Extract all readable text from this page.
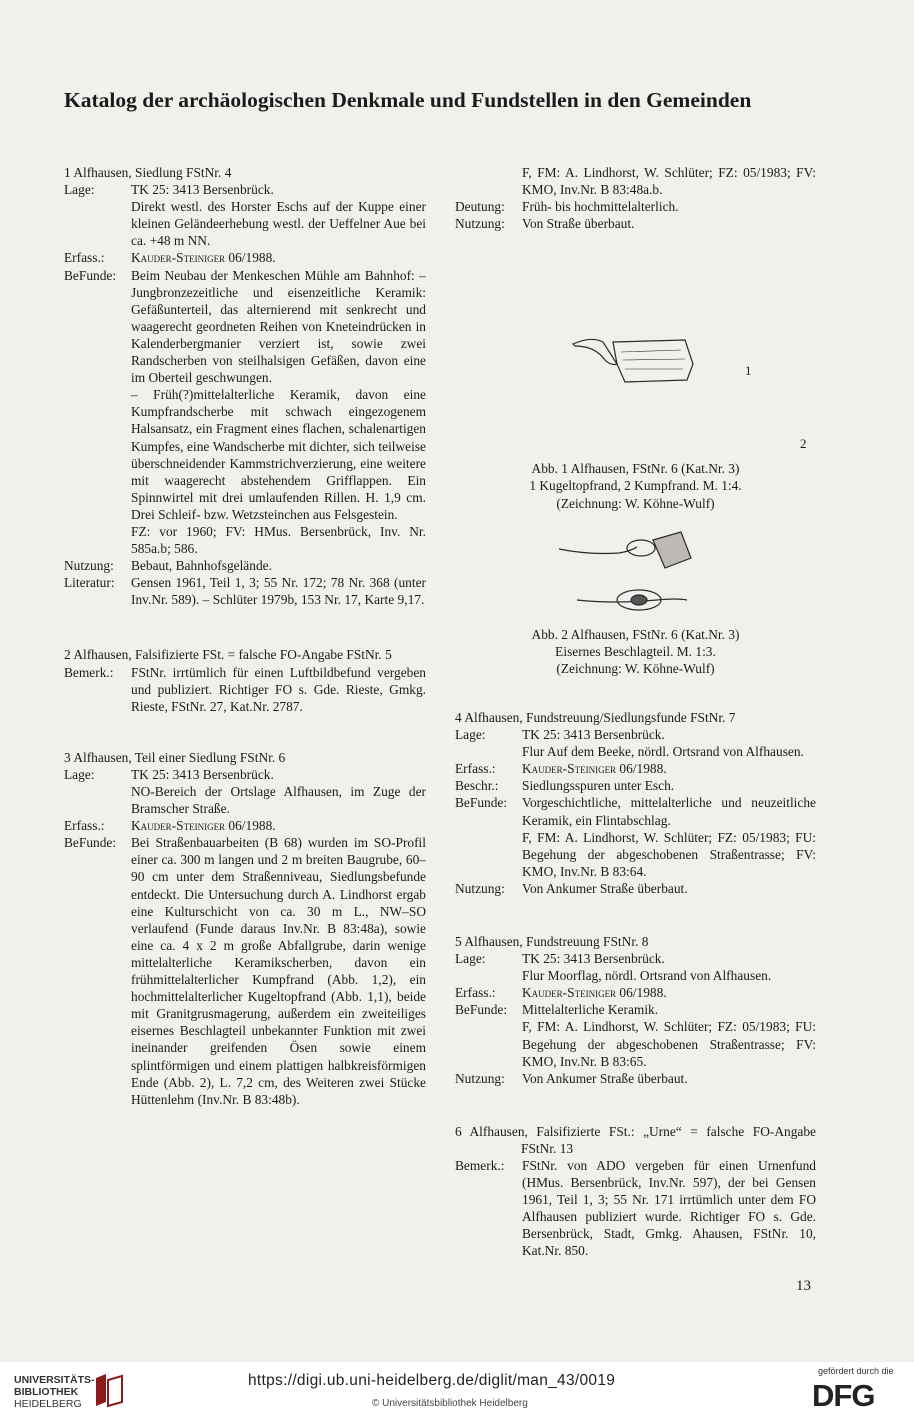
Katalog der archäologischen Denkmale und Fundstellen in den Gemeinden
1 Alfhausen, Siedlung FStNr. 4
Lage:	TK 25: 3413 Bersenbrück.
Direkt westl. des Horster Eschs auf der Kuppe einer kleinen Geländeerhebung westl. der Ueffelner Aue bei ca. +48 m NN.
Erfass.:	Kauder-Steiniger 06/1988.
BeFunde:	Beim Neubau der Menkeschen Mühle am Bahnhof: – Jungbronzezeitliche und eisenzeitliche Keramik: Gefäßunterteil, das alternierend mit senkrecht und waagerecht geordneten Reihen von Kneteindrücken in Kalenderbergmanier verziert ist, sowie zwei Randscherben von steilhalsigen Gefäßen, davon eine im Oberteil geschwungen.
– Früh(?)mittelalterliche Keramik, davon eine Kumpfrandscherbe mit schwach eingezogenem Halsansatz, ein Fragment eines flachen, schalenartigen Kumpfes, eine Wandscherbe mit dichter, sich teilweise überschneidender Kammstrichverzierung, eine weitere mit waagerecht abstehendem Grifflappen. Ein Spinnwirtel mit drei umlaufenden Rillen. H. 1,9 cm. Drei Schleif- bzw. Wetzsteinchen aus Felsgestein.
FZ: vor 1960; FV: HMus. Bersenbrück, Inv. Nr. 585a.b; 586.
Nutzung:	Bebaut, Bahnhofsgelände.
Literatur:	Gensen 1961, Teil 1, 3; 55 Nr. 172; 78 Nr. 368 (unter Inv.Nr. 589). – Schlüter 1979b, 153 Nr. 17, Karte 9,17.
2 Alfhausen, Falsifizierte FSt. = falsche FO-Angabe FStNr. 5
Bemerk.:	FStNr. irrtümlich für einen Luftbildbefund vergeben und publiziert. Richtiger FO s. Gde. Rieste, Gmkg. Rieste, FStNr. 27, Kat.Nr. 2787.
3 Alfhausen, Teil einer Siedlung FStNr. 6
Lage:	TK 25: 3413 Bersenbrück.
NO-Bereich der Ortslage Alfhausen, im Zuge der Bramscher Straße.
Erfass.:	Kauder-Steiniger 06/1988.
BeFunde:	Bei Straßenbauarbeiten (B 68) wurden im SO-Profil einer ca. 300 m langen und 2 m breiten Baugrube, 60–90 cm unter dem Straßenniveau, Siedlungsbefunde entdeckt. Die Untersuchung durch A. Lindhorst ergab eine Kulturschicht von ca. 30 m L., NW–SO verlaufend (Funde daraus Inv.Nr. B 83:48a), sowie eine ca. 4 x 2 m große Abfallgrube, darin wenige mittelalterliche Keramikscherben, davon ein frühmittelalterlicher Kumpfrand (Abb. 1,2), ein hochmittelalterlicher Kugeltopfrand (Abb. 1,1), beide mit Granitgrusmagerung, außerdem ein zweiteiliges eisernes Beschlagteil unbekannter Funktion mit zwei ineinander greifenden Ösen sowie einem splintförmigen und einem plattigen halbkreisförmigen Ende (Abb. 2), L. 7,2 cm, des Weiteren zwei Stücke Hüttenlehm (Inv.Nr. B 83:48b).
F, FM: A. Lindhorst, W. Schlüter; FZ: 05/1983; FV: KMO, Inv.Nr. B 83:48a.b.
Deutung:	Früh- bis hochmittelalterlich.
Nutzung:	Von Straße überbaut.
1
2
Abb. 1 Alfhausen, FStNr. 6 (Kat.Nr. 3)
1 Kugeltopfrand, 2 Kumpfrand. M. 1:4.
(Zeichnung: W. Köhne-Wulf)
Abb. 2 Alfhausen, FStNr. 6 (Kat.Nr. 3)
Eisernes Beschlagteil. M. 1:3.
(Zeichnung: W. Köhne-Wulf)
4 Alfhausen, Fundstreuung/Siedlungsfunde FStNr. 7
Lage:	TK 25: 3413 Bersenbrück.
Flur Auf dem Beeke, nördl. Ortsrand von Alfhausen.
Erfass.:	Kauder-Steiniger 06/1988.
Beschr.:	Siedlungsspuren unter Esch.
BeFunde:	Vorgeschichtliche, mittelalterliche und neuzeitliche Keramik, ein Flintabschlag.
F, FM: A. Lindhorst, W. Schlüter; FZ: 05/1983; FU: Begehung der abgeschobenen Straßentrasse; FV: KMO, Inv.Nr. B 83:64.
Nutzung:	Von Ankumer Straße überbaut.
5 Alfhausen, Fundstreuung FStNr. 8
Lage:	TK 25: 3413 Bersenbrück.
Flur Moorflag, nördl. Ortsrand von Alfhausen.
Erfass.:	Kauder-Steiniger 06/1988.
BeFunde:	Mittelalterliche Keramik.
F, FM: A. Lindhorst, W. Schlüter; FZ: 05/1983; FU: Begehung der abgeschobenen Straßentrasse; FV: KMO, Inv.Nr. B 83:65.
Nutzung:	Von Ankumer Straße überbaut.
6 Alfhausen, Falsifizierte FSt.: „Urne“ = falsche FO-Angabe FStNr. 13
Bemerk.:	FStNr. von ADO vergeben für einen Urnenfund (HMus. Bersenbrück, Inv.Nr. 597), der bei Gensen 1961, Teil 1, 3; 55 Nr. 171 irrtümlich unter dem FO Alfhausen publiziert wurde. Richtiger FO s. Gde. Bersenbrück, Stadt, Gmkg. Ahausen, FStNr. 10, Kat.Nr. 850.
13
UNIVERSITÄTS-
BIBLIOTHEK
HEIDELBERG
https://digi.ub.uni-heidelberg.de/diglit/man_43/0019
© Universitätsbibliothek Heidelberg
gefördert durch die
DFG
